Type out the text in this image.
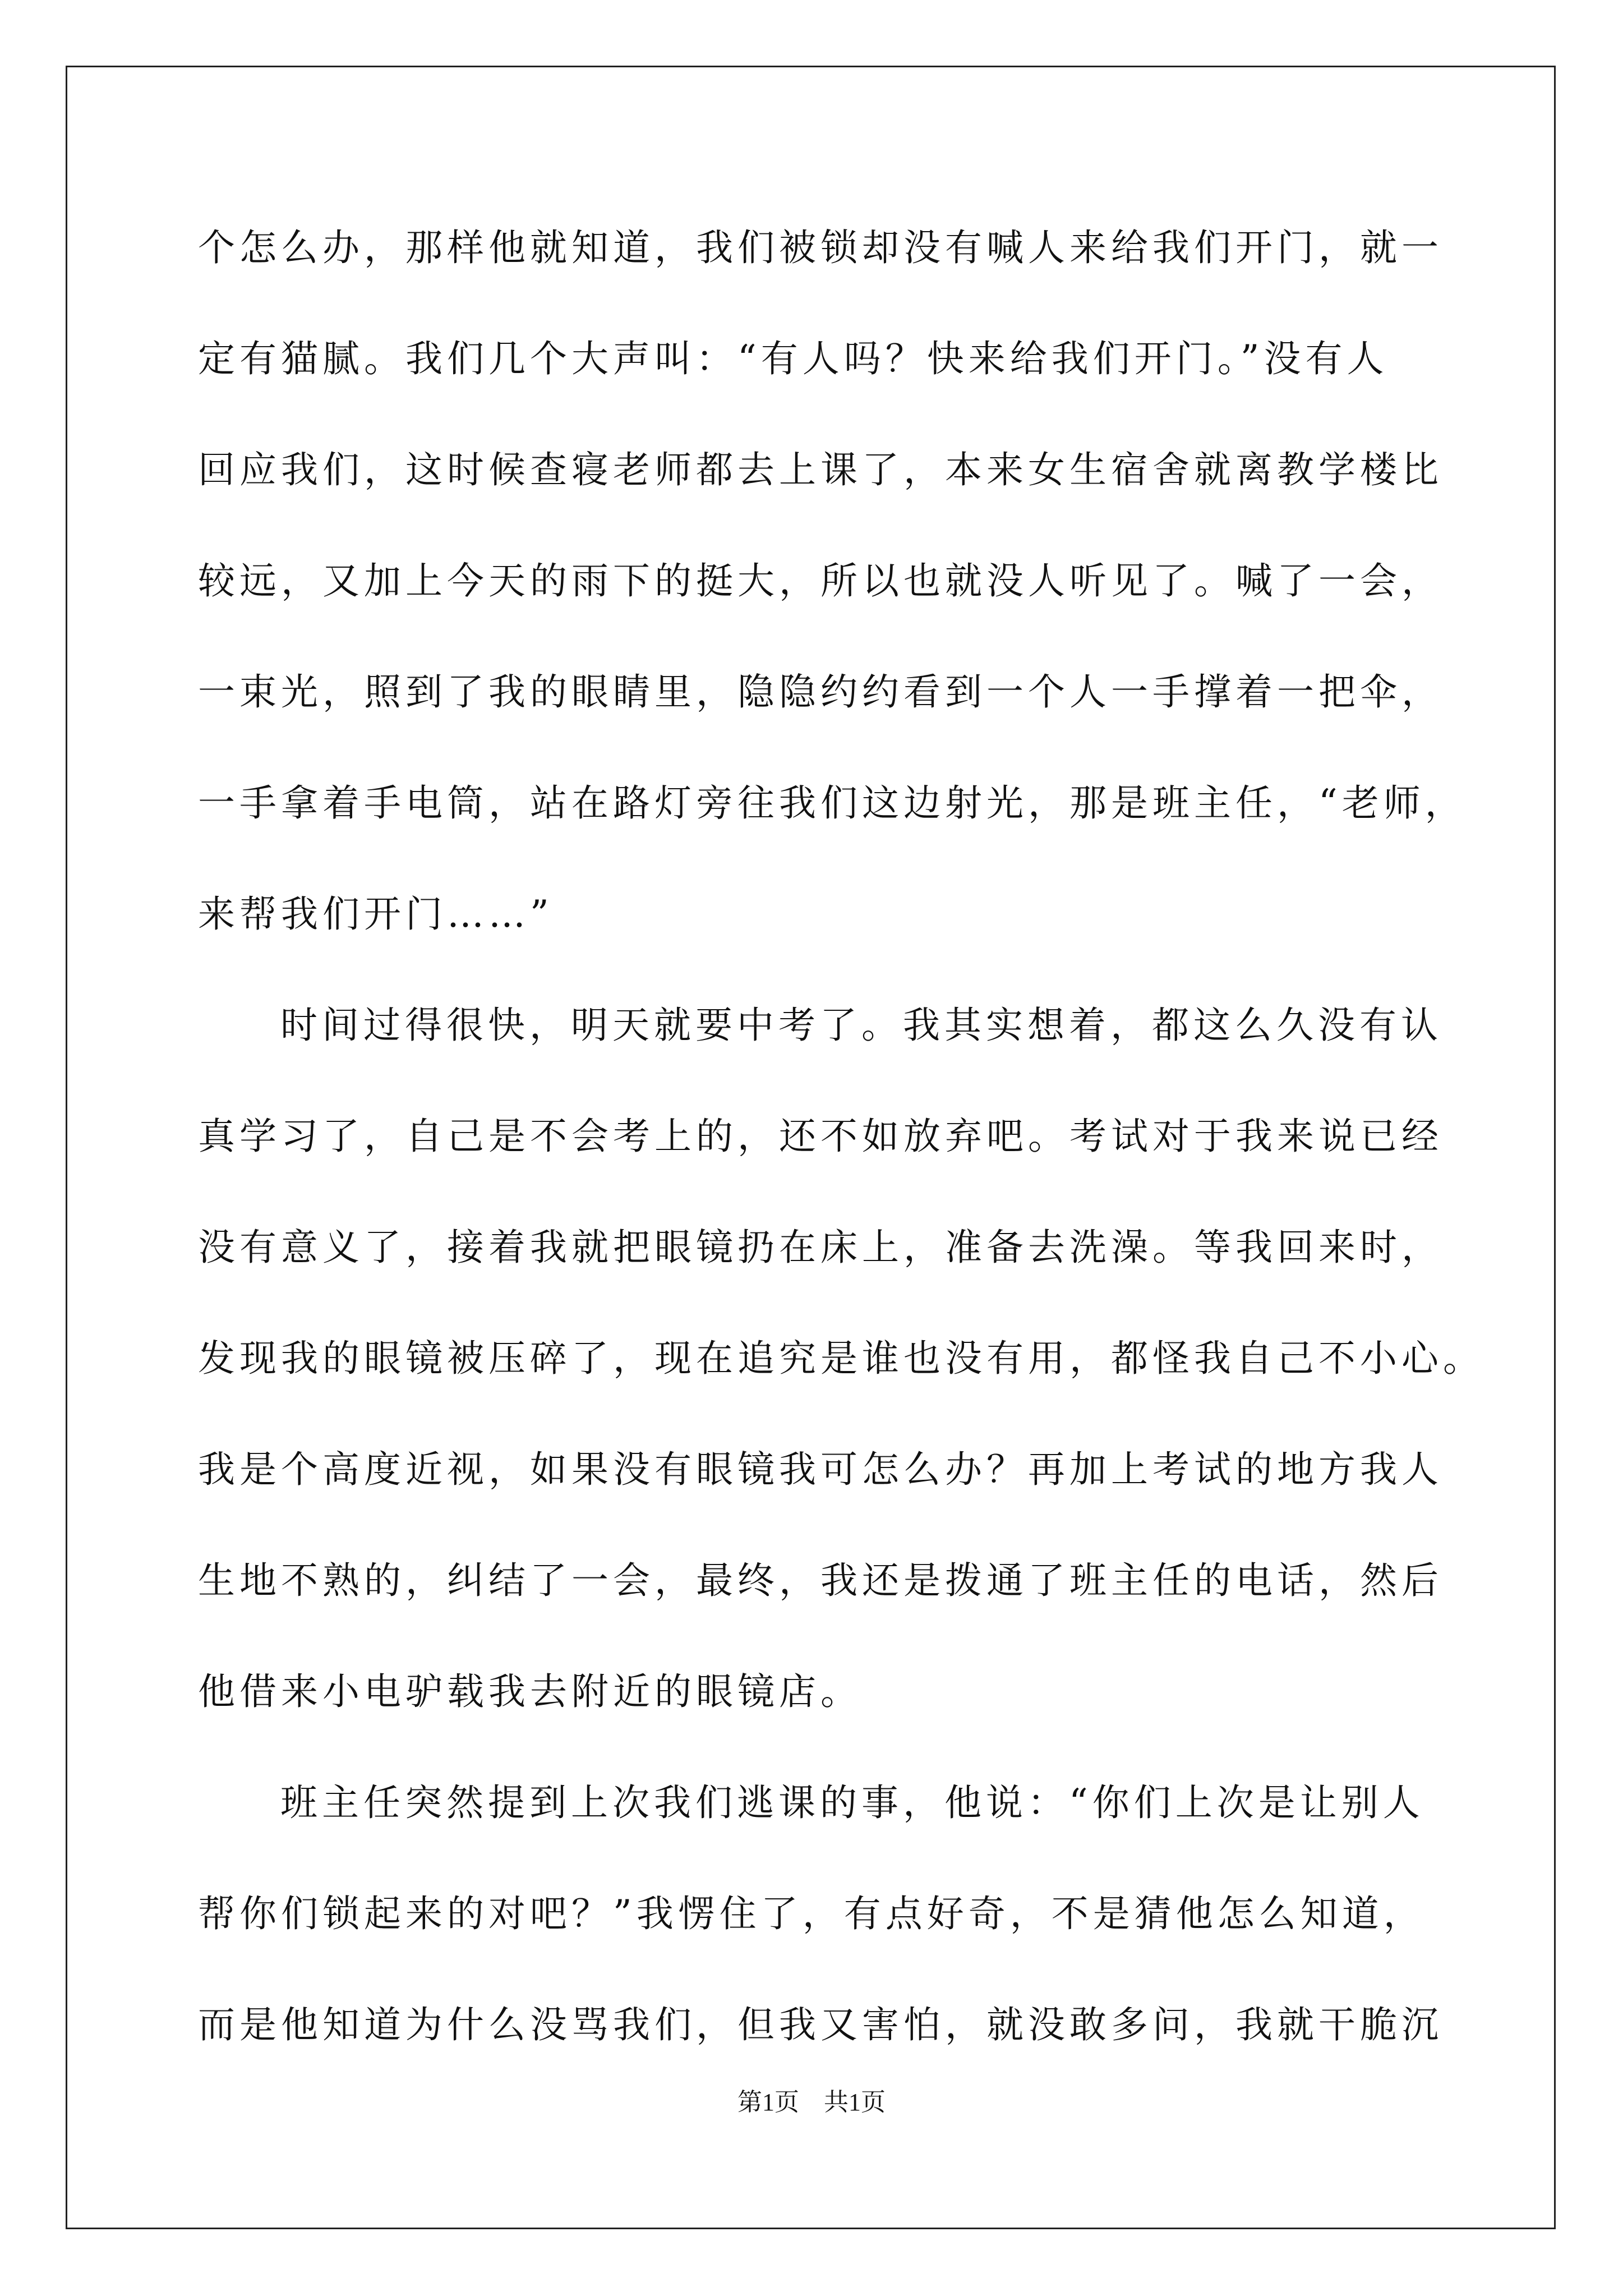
个怎么办，那样他就知道，我们被锁却没有喊人来给我们开门，就一
定有猫腻。我们几个大声叫：“有人吗？快来给我们开门。”没有人
回应我们，这时候查寝老师都去上课了，本来女生宿舍就离教学楼比
较远，又加上今天的雨下的挺大，所以也就没人听见了。喊了一会，
一束光，照到了我的眼睛里，隐隐约约看到一个人一手撑着一把伞，
一手拿着手电筒，站在路灯旁往我们这边射光，那是班主任，“老师，
来帮我们开门……”
时间过得很快，明天就要中考了。我其实想着，都这么久没有认
真学习了，自己是不会考上的，还不如放弃吧。考试对于我来说已经
没有意义了，接着我就把眼镜扔在床上，准备去洗澡。等我回来时，
发现我的眼镜被压碎了，现在追究是谁也没有用，都怪我自己不小心。
我是个高度近视，如果没有眼镜我可怎么办？再加上考试的地方我人
生地不熟的，纠结了一会，最终，我还是拨通了班主任的电话，然后
他借来小电驴载我去附近的眼镜店。
班主任突然提到上次我们逃课的事，他说：“你们上次是让别人
帮你们锁起来的对吧？”我愣住了，有点好奇，不是猜他怎么知道，
而是他知道为什么没骂我们，但我又害怕，就没敢多问，我就干脆沉
第1页　共1页
